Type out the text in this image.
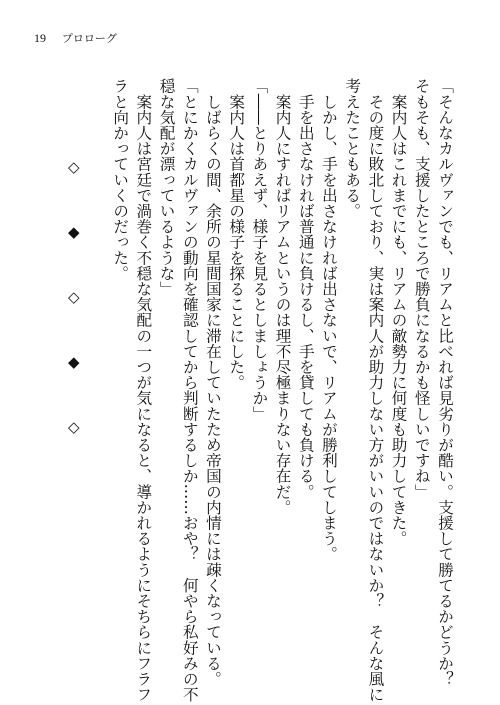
19 プロローグ
「そんなカルヴァンでも、リアムと比べれば見劣りが酷い。支援して勝てるかどうか？
そもそも、支援したところで勝負になるかも怪しいですね」
　案内人はこれまでにも、リアムの敵勢力に何度も助力してきた。
　その度に敗北しており、実は案内人が助力しない方がいいのではないか？　そんな風に
考えたこともある。
　しかし、手を出さなければ出さないで、リアムが勝利してしまう。
　手を出さなければ普通に負けるし、手を貸しても負ける。
　案内人にすればリアムというのは理不尽極まりない存在だ。
「――とりあえず、様子を見るとしましょうか」
　案内人は首都星の様子を探ることにした。
　しばらくの間、余所の星間国家に滞在していたため帝国の内情には疎くなっている。
「とにかくカルヴァンの動向を確認してから判断するしか……おや？　何やら私好みの不
穏な気配が漂っているような」
　案内人は宮廷で渦巻く不穏な気配の一つが気になると、導かれるようにそちらにフラフ
ラと向かっていくのだった。

◇◆◇◆◇
